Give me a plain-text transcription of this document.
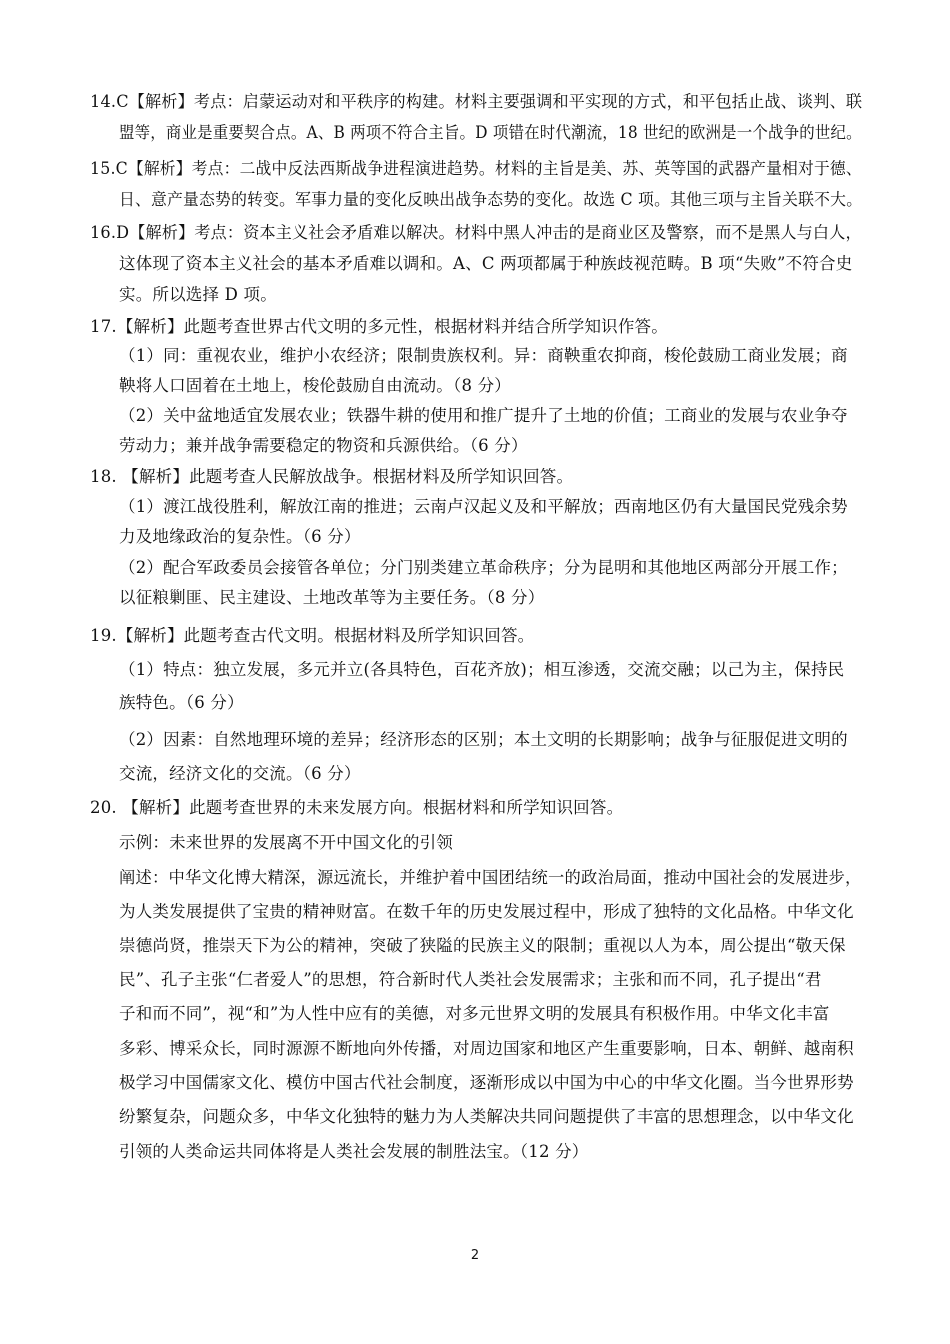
14.C【解析】考点：启蒙运动对和平秩序的构建。材料主要强调和平实现的方式，和平包括止战、谈判、联
盟等，商业是重要契合点。A、B 两项不符合主旨。D 项错在时代潮流，18 世纪的欧洲是一个战争的世纪。
15.C【解析】考点：二战中反法西斯战争进程演进趋势。材料的主旨是美、苏、英等国的武器产量相对于德、
日、意产量态势的转变。军事力量的变化反映出战争态势的变化。故选 C 项。其他三项与主旨关联不大。
16.D【解析】考点：资本主义社会矛盾难以解决。材料中黑人冲击的是商业区及警察，而不是黑人与白人，
这体现了资本主义社会的基本矛盾难以调和。A、C 两项都属于种族歧视范畴。B 项“失败”不符合史
实。所以选择 D 项。
17.【解析】此题考查世界古代文明的多元性，根据材料并结合所学知识作答。
（1）同：重视农业，维护小农经济；限制贵族权利。异：商鞅重农抑商，梭伦鼓励工商业发展；商
鞅将人口固着在土地上，梭伦鼓励自由流动。（8 分）
（2）关中盆地适宜发展农业；铁器牛耕的使用和推广提升了土地的价值；工商业的发展与农业争夺
劳动力；兼并战争需要稳定的物资和兵源供给。（6 分）
18. 【解析】此题考查人民解放战争。根据材料及所学知识回答。
（1）渡江战役胜利，解放江南的推进；云南卢汉起义及和平解放；西南地区仍有大量国民党残余势
力及地缘政治的复杂性。（6 分）
（2）配合军政委员会接管各单位；分门别类建立革命秩序；分为昆明和其他地区两部分开展工作；
以征粮剿匪、民主建设、土地改革等为主要任务。（8 分）
19.【解析】此题考查古代文明。根据材料及所学知识回答。
（1）特点：独立发展，多元并立(各具特色，百花齐放)；相互渗透，交流交融；以己为主，保持民
族特色。（6 分）
（2）因素：自然地理环境的差异；经济形态的区别；本土文明的长期影响；战争与征服促进文明的
交流，经济文化的交流。（6 分）
20. 【解析】此题考查世界的未来发展方向。根据材料和所学知识回答。
示例：未来世界的发展离不开中国文化的引领
阐述：中华文化博大精深，源远流长，并维护着中国团结统一的政治局面，推动中国社会的发展进步，
为人类发展提供了宝贵的精神财富。在数千年的历史发展过程中，形成了独特的文化品格。中华文化
崇德尚贤，推崇天下为公的精神，突破了狭隘的民族主义的限制；重视以人为本，周公提出“敬天保
民”、孔子主张“仁者爱人”的思想，符合新时代人类社会发展需求；主张和而不同，孔子提出“君
子和而不同”，视“和”为人性中应有的美德，对多元世界文明的发展具有积极作用。中华文化丰富
多彩、博采众长，同时源源不断地向外传播，对周边国家和地区产生重要影响，日本、朝鲜、越南积
极学习中国儒家文化、模仿中国古代社会制度，逐渐形成以中国为中心的中华文化圈。当今世界形势
纷繁复杂，问题众多，中华文化独特的魅力为人类解决共同问题提供了丰富的思想理念，以中华文化
引领的人类命运共同体将是人类社会发展的制胜法宝。（12 分）
2
